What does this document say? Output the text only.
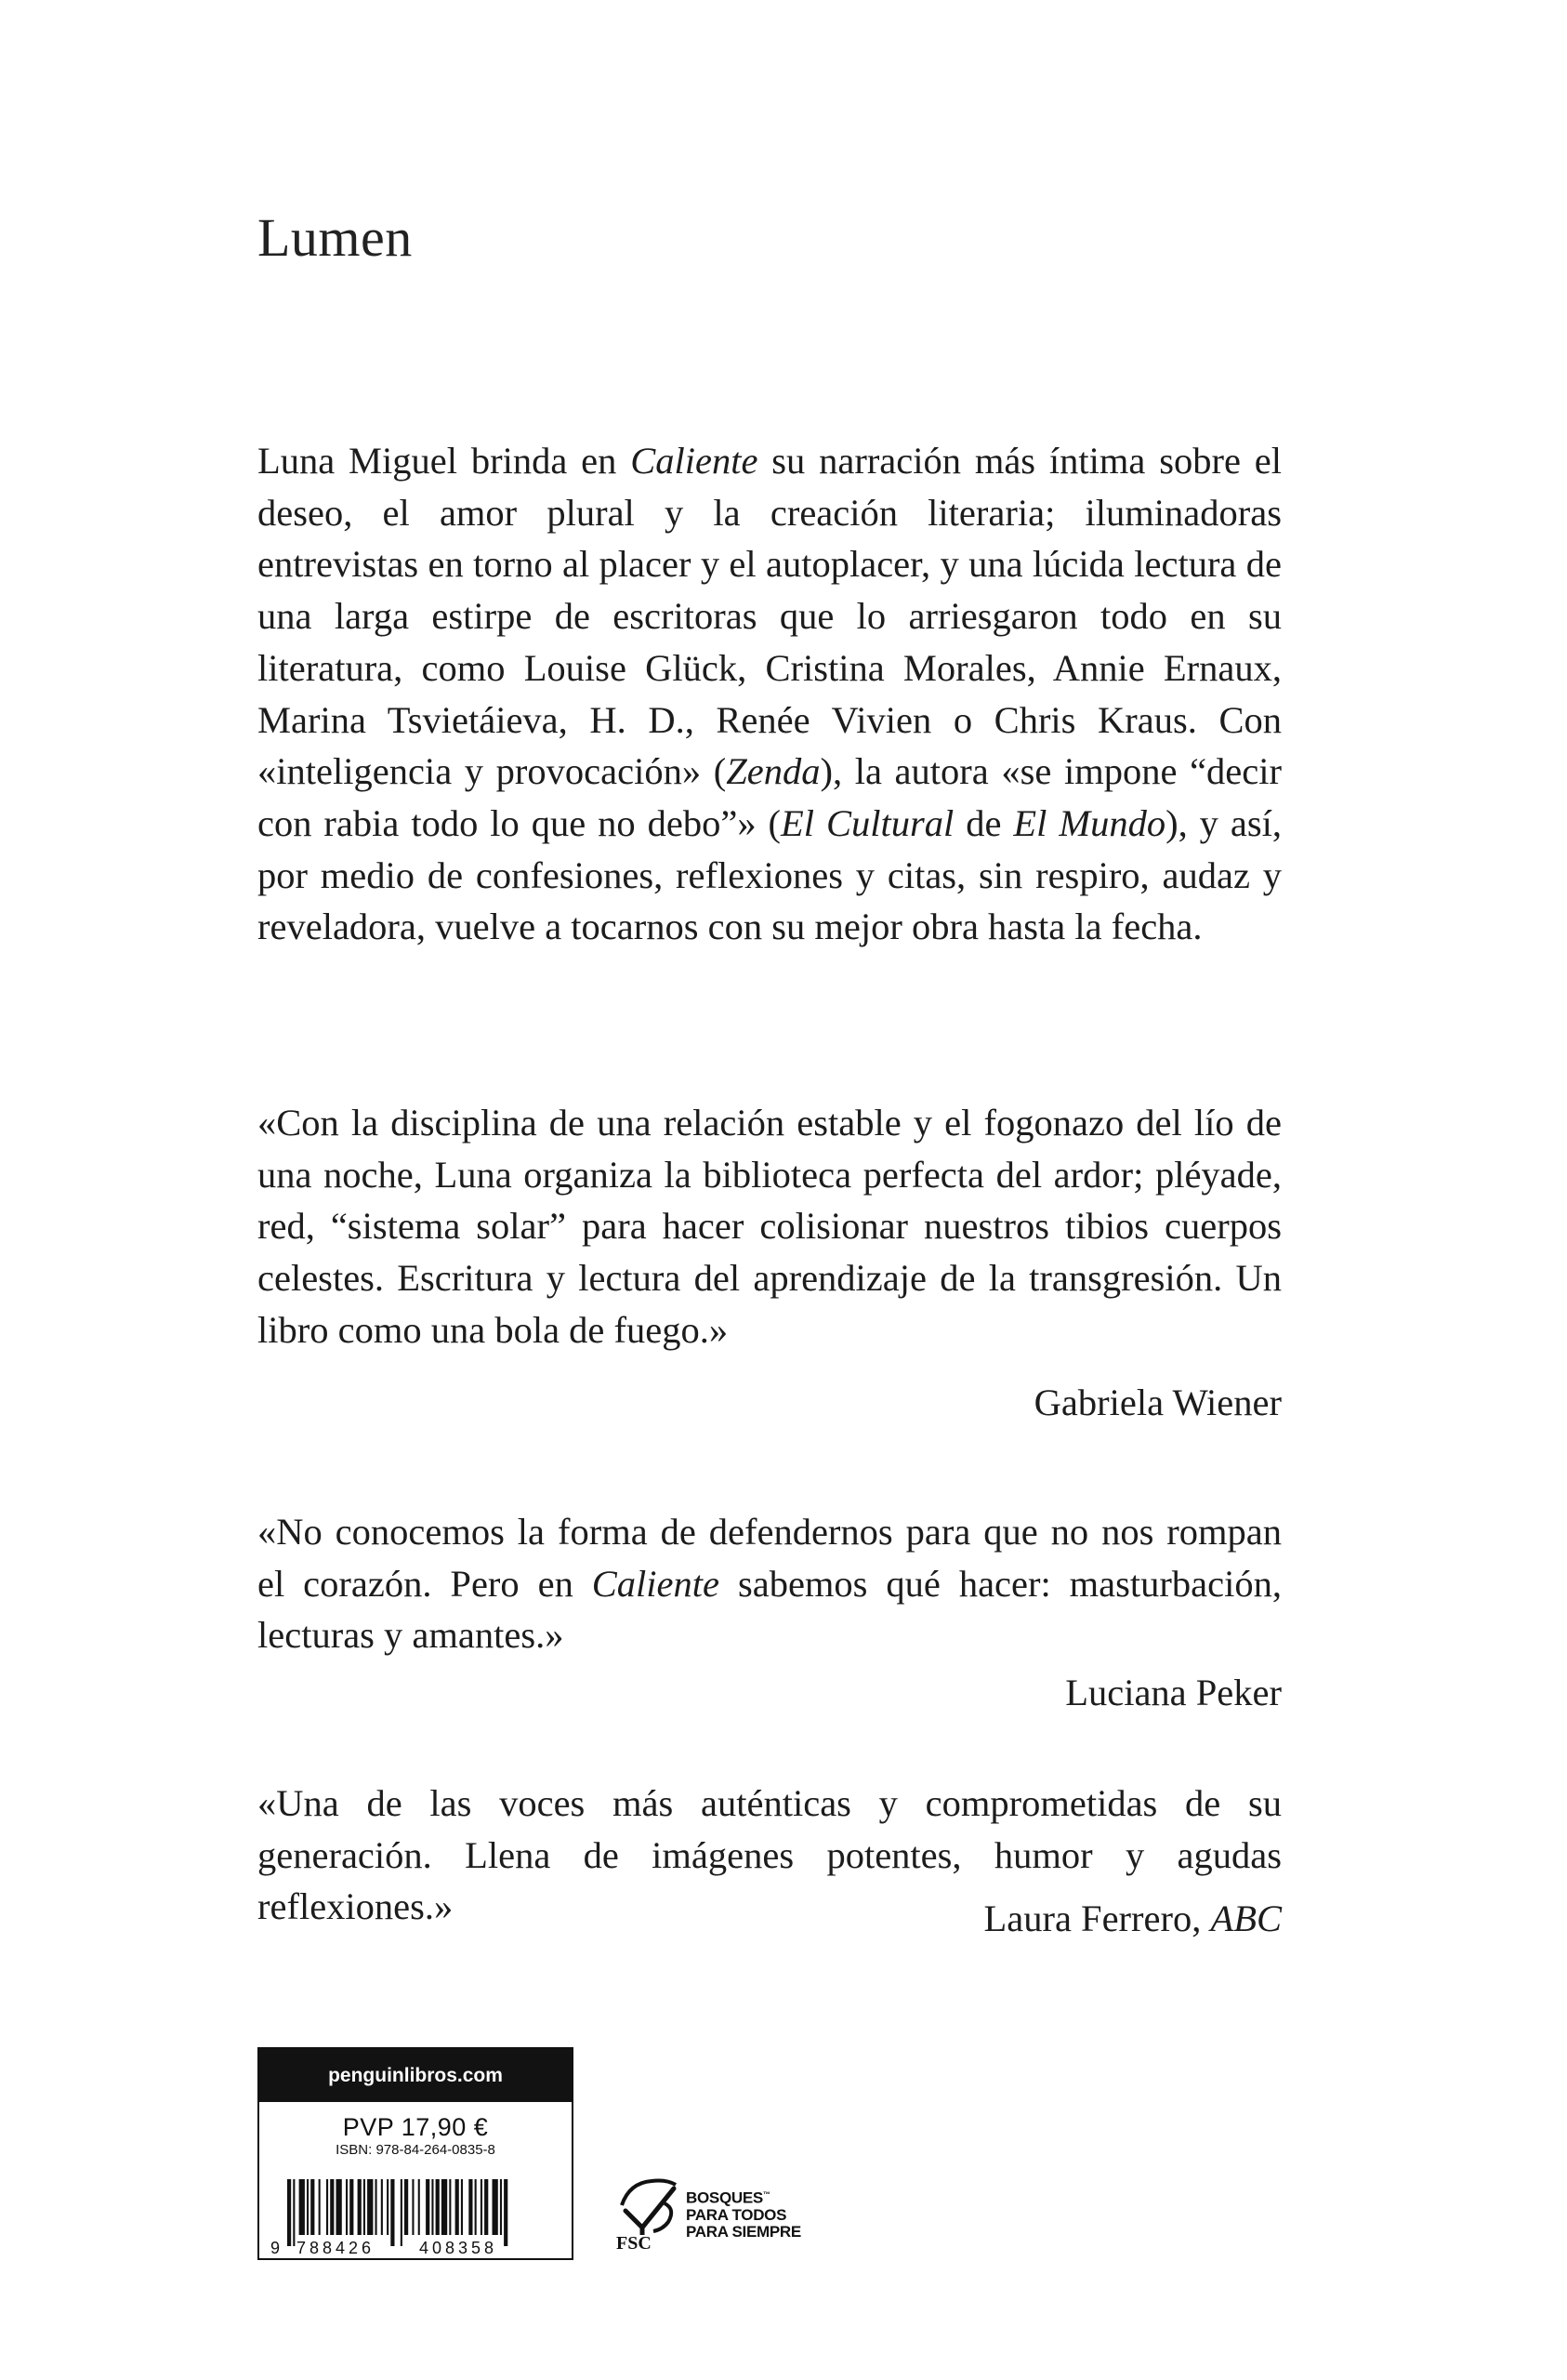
Lumen

Luna Miguel brinda en Caliente su narración más íntima sobre el deseo, el amor plural y la creación literaria; iluminadoras entrevistas en torno al placer y el autoplacer, y una lúcida lectura de una larga estirpe de escritoras que lo arriesgaron todo en su literatura, como Louise Glück, Cristina Morales, Annie Ernaux, Marina Tsvietáieva, H. D., Renée Vivien o Chris Kraus. Con «inteligencia y provocación» (Zenda), la autora «se impone “decir con rabia todo lo que no debo”» (El Cultural de El Mundo), y así, por medio de confesiones, reflexiones y citas, sin respiro, audaz y reveladora, vuelve a tocarnos con su mejor obra hasta la fecha.

«Con la disciplina de una relación estable y el fogonazo del lío de una noche, Luna organiza la biblioteca perfecta del ardor; pléyade, red, “sistema solar” para hacer colisionar nuestros tibios cuerpos celestes. Escritura y lectura del aprendizaje de la transgresión. Un libro como una bola de fuego.»

Gabriela Wiener

«No conocemos la forma de defendernos para que no nos rompan el corazón. Pero en Caliente sabemos qué hacer: masturbación, lecturas y amantes.»

Luciana Peker

«Una de las voces más auténticas y comprometidas de su generación. Llena de imágenes potentes, humor y agudas reflexiones.»	Laura Ferrero, ABC
penguinlibros.com
PVP 17,90 €
ISBN: 978-84-264-0835-8
9 788426	408358	FSC
BOSQUES™
PARA TODOS
PARA SIEMPRE
